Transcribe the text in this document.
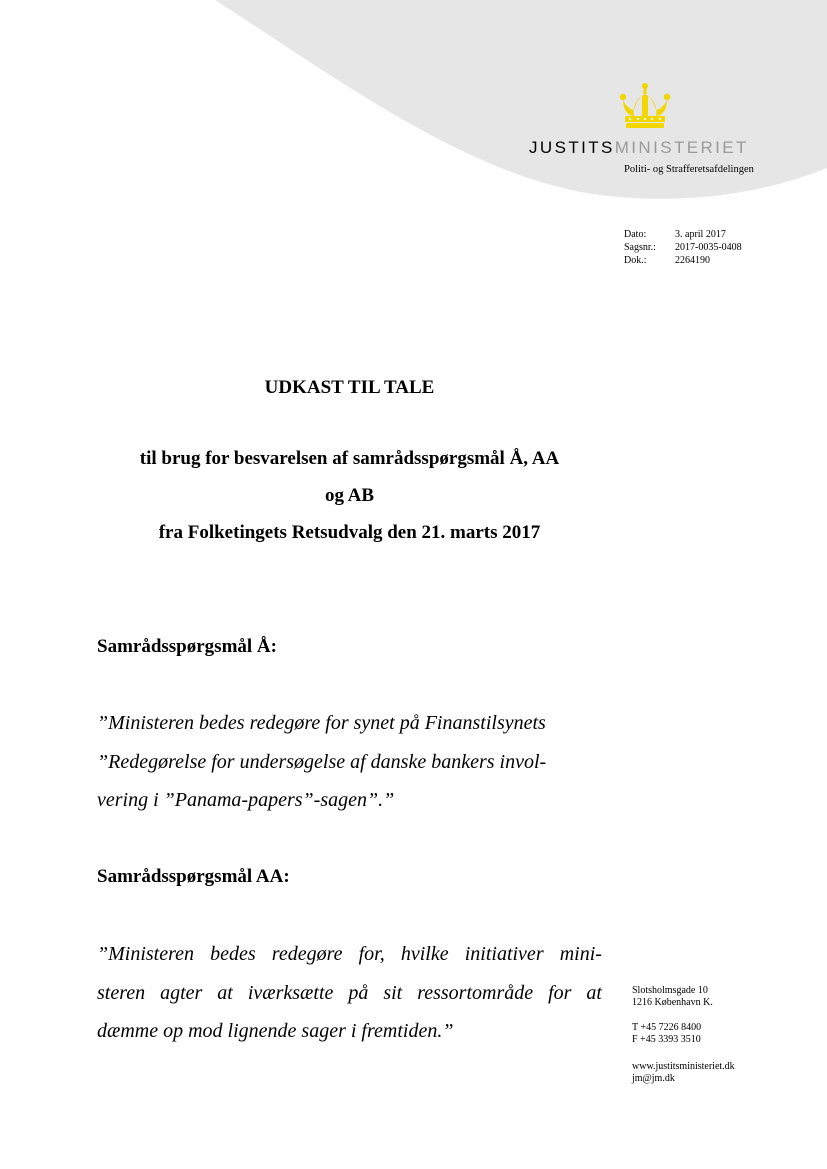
JUSTITSMINISTERIET
Politi- og Strafferetsafdelingen
Dato:	3. april 2017
Sagsnr.:	2017-0035-0408
Dok.:	2264190
UDKAST TIL TALE
til brug for besvarelsen af samrådsspørgsmål Å, AA
og AB
fra Folketingets Retsudvalg den 21. marts 2017
Samrådsspørgsmål Å:
”Ministeren bedes redegøre for synet på Finanstilsynets
”Redegørelse for undersøgelse af danske bankers invol-
vering i ”Panama-papers”-sagen”.”
Samrådsspørgsmål AA:
”Ministeren bedes redegøre for, hvilke initiativer mini-
steren agter at iværksætte på sit ressortområde for at
dæmme op mod lignende sager i fremtiden.”
Slotsholmsgade 10
1216 København K.
T +45 7226 8400
F +45 3393 3510
www.justitsministeriet.dk
jm@jm.dk
